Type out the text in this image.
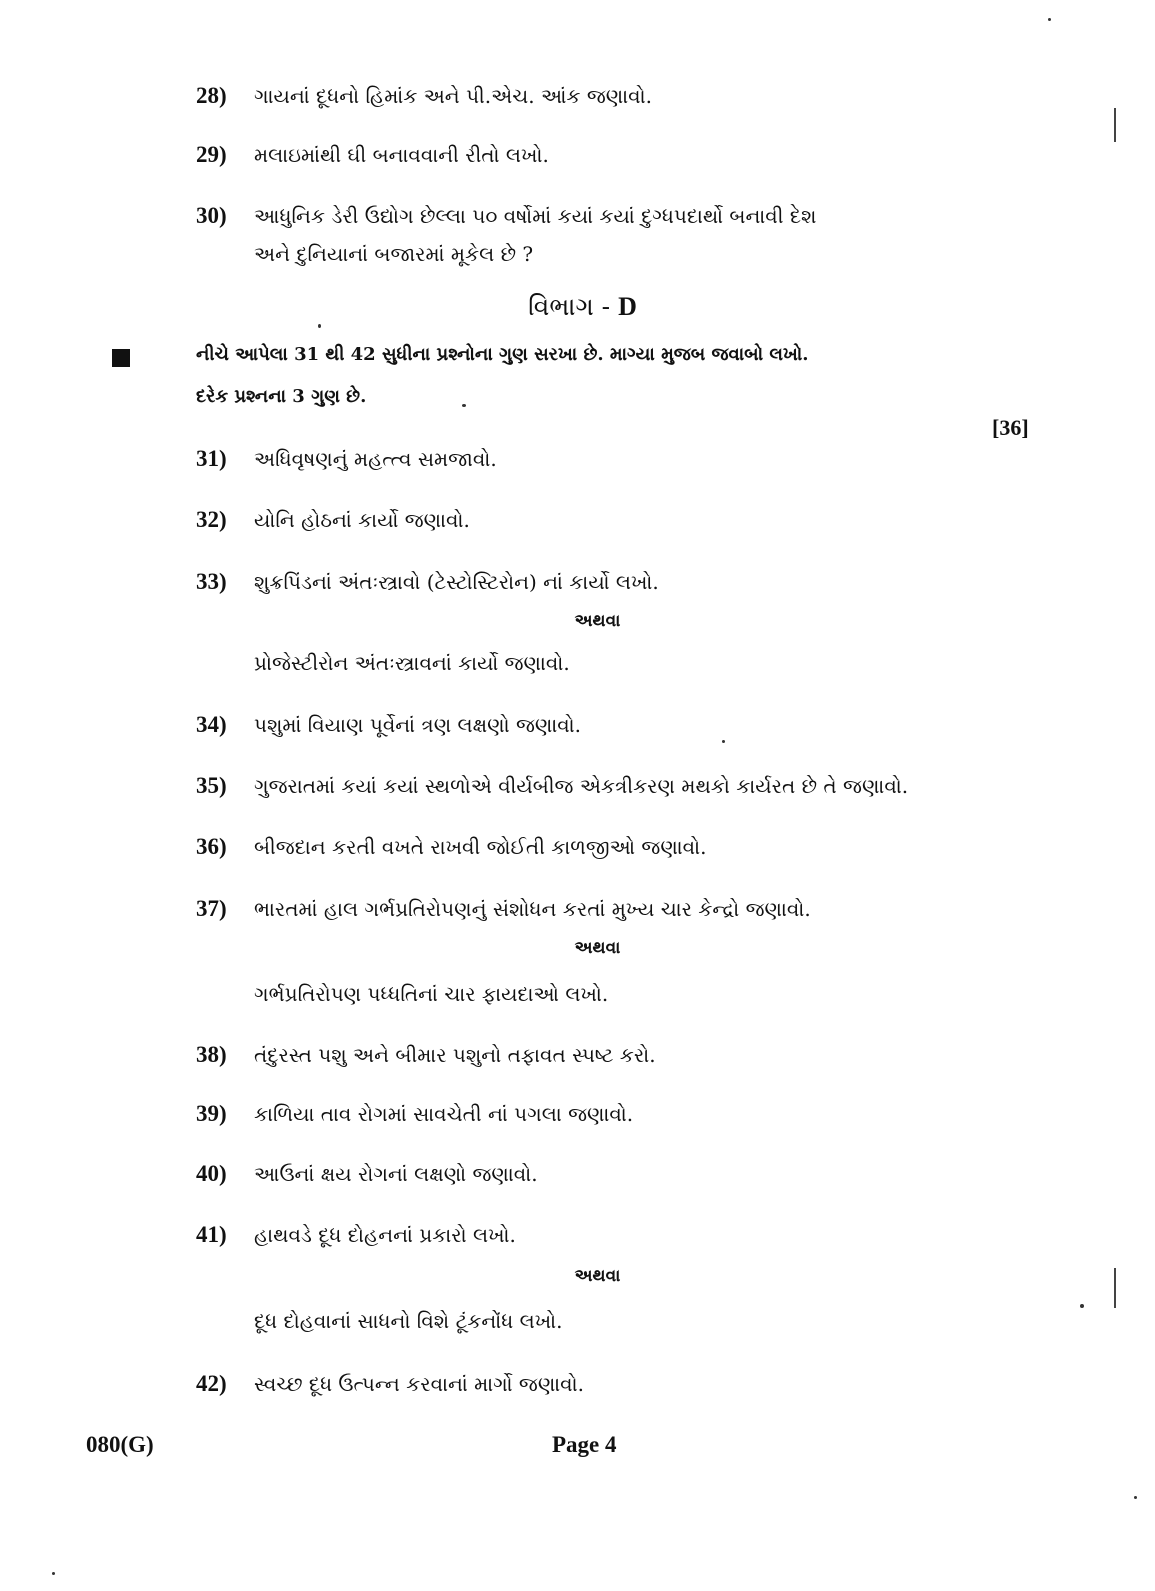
28) ગાયનાં દૂધનો હિમાંક અને પી.એચ. આંક જણાવો.
29) મલાઇમાંથી ઘી બનાવવાની રીતો લખો.
30) આધુનિક ડેરી ઉદ્યોગ છેલ્લા ૫૦ વર્ષોમાં કયાં કયાં દુગ્ધપદાર્થો બનાવી દેશ
અને દુનિયાનાં બજારમાં મૂકેલ છે ?
વિભાગ - D
નીચે આપેલા 31 થી 42 સુધીના પ્રશ્નોના ગુણ સરખા છે. માગ્યા મુજબ જવાબો લખો.
દરેક પ્રશ્નના 3 ગુણ છે.
[36]
31) અધિવૃષણનું મહત્ત્વ સમજાવો.
32) યોનિ હોઠનાં કાર્યો જણાવો.
33) શુક્રપિંડનાં અંતઃસ્ત્રાવો (ટેસ્ટોસ્ટિરોન) નાં કાર્યો લખો.
અથવા
પ્રોજેસ્ટીરોન અંતઃસ્ત્રાવનાં કાર્યો જણાવો.
34) પશુમાં વિયાણ પૂર્વેનાં ત્રણ લક્ષણો જણાવો.
35) ગુજરાતમાં કયાં કયાં સ્થળોએ વીર્યબીજ એકત્રીકરણ મથકો કાર્યરત છે તે જણાવો.
36) બીજદાન કરતી વખતે રાખવી જોઈતી કાળજીઓ જણાવો.
37) ભારતમાં હાલ ગર્ભપ્રતિરોપણનું સંશોધન કરતાં મુખ્ય ચાર કેન્દ્રો જણાવો.
અથવા
ગર્ભપ્રતિરોપણ પધ્ધતિનાં ચાર ફાયદાઓ લખો.
38) તંદુરસ્ત પશુ અને બીમાર પશુનો તફાવત સ્પષ્ટ કરો.
39) કાળિયા તાવ રોગમાં સાવચેતી નાં પગલા જણાવો.
40) આઉનાં ક્ષય રોગનાં લક્ષણો જણાવો.
41) હાથવડે દૂધ દોહનનાં પ્રકારો લખો.
અથવા
દૂધ દોહવાનાં સાધનો વિશે ટૂંકનોંધ લખો.
42) સ્વચ્છ દૂધ ઉત્પન્ન કરવાનાં માર્ગો જણાવો.
080(G)	Page 4
